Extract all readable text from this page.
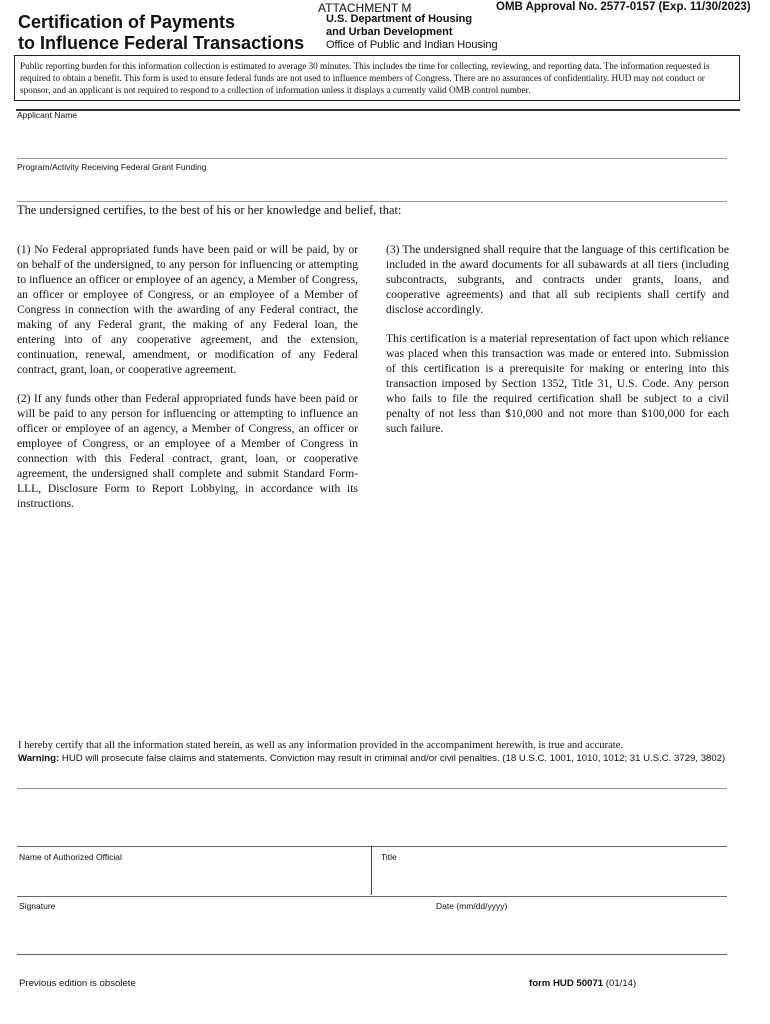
Certification of Payments
to Influence Federal Transactions
ATTACHMENT M	OMB Approval No. 2577-0157 (Exp. 11/30/2023)
U.S. Department of Housing
and Urban Development
Office of Public and Indian Housing
Public reporting burden for this information collection is estimated to average 30 minutes. This includes the time for collecting, reviewing, and reporting data. The information requested is required to obtain a benefit. This form is used to ensure federal funds are not used to influence members of Congress. There are no assurances of confidentiality. HUD may not conduct or sponsor, and an applicant is not required to respond to a collection of information unless it displays a currently valid OMB control number.
Applicant Name
Program/Activity Receiving Federal Grant Funding
The undersigned certifies, to the best of his or her knowledge and belief, that:

(1) No Federal appropriated funds have been paid or will be paid, by or on behalf of the undersigned, to any person for influencing or attempting to influence an officer or employee of an agency, a Member of Congress, an officer or employee of Congress, or an employee of a Member of Congress in connection with the awarding of any Federal contract, the making of any Federal grant, the making of any Federal loan, the entering into of any cooperative agreement, and the extension, continuation, renewal, amendment, or modification of any Federal contract, grant, loan, or cooperative agreement.

(2) If any funds other than Federal appropriated funds have been paid or will be paid to any person for influencing or attempting to influence an officer or employee of an agency, a Member of Congress, an officer or employee of Congress, or an employee of a Member of Congress in connection with this Federal contract, grant, loan, or cooperative agreement, the undersigned shall complete and submit Standard Form-LLL, Disclosure Form to Report Lobbying, in accordance with its instructions.

(3) The undersigned shall require that the language of this certification be included in the award documents for all subawards at all tiers (including subcontracts, subgrants, and contracts under grants, loans, and cooperative agreements) and that all sub recipients shall certify and disclose accordingly.

This certification is a material representation of fact upon which reliance was placed when this transaction was made or entered into. Submission of this certification is a prerequisite for making or entering into this transaction imposed by Section 1352, Title 31, U.S. Code. Any person who fails to file the required certification shall be subject to a civil penalty of not less than $10,000 and not more than $100,000 for each such failure.

I hereby certify that all the information stated herein, as well as any information provided in the accompaniment herewith, is true and accurate.
Warning: HUD will prosecute false claims and statements. Conviction may result in criminal and/or civil penalties. (18 U.S.C. 1001, 1010, 1012; 31 U.S.C. 3729, 3802)
Name of Authorized Official	Title
Signature	Date (mm/dd/yyyy)
Previous edition is obsolete	form HUD 50071 (01/14)
